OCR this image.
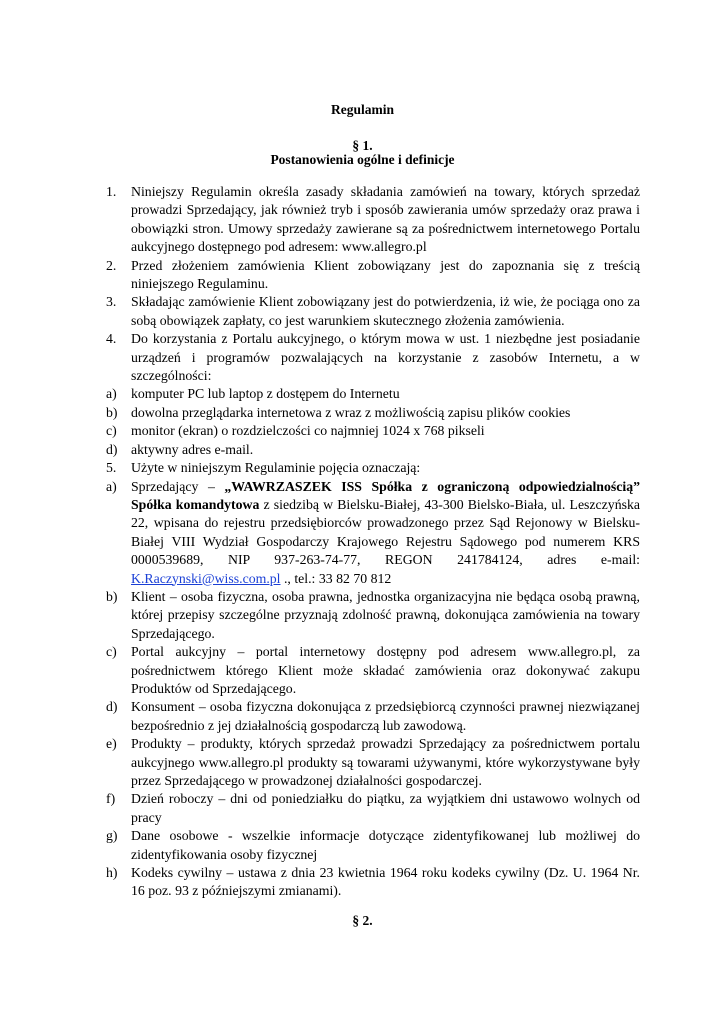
Regulamin
§ 1.
Postanowienia ogólne i definicje
1. Niniejszy Regulamin określa zasady składania zamówień na towary, których sprzedaż prowadzi Sprzedający, jak również tryb i sposób zawierania umów sprzedaży oraz prawa i obowiązki stron. Umowy sprzedaży zawierane są za pośrednictwem internetowego Portalu aukcyjnego dostępnego pod adresem: www.allegro.pl
2. Przed złożeniem zamówienia Klient zobowiązany jest do zapoznania się z treścią niniejszego Regulaminu.
3. Składając zamówienie Klient zobowiązany jest do potwierdzenia, iż wie, że pociąga ono za sobą obowiązek zapłaty, co jest warunkiem skutecznego złożenia zamówienia.
4. Do korzystania z Portalu aukcyjnego, o którym mowa w ust. 1 niezbędne jest posiadanie urządzeń i programów pozwalających na korzystanie z zasobów Internetu, a w szczególności:
a) komputer PC lub laptop z dostępem do Internetu
b) dowolna przeglądarka internetowa z wraz z możliwością zapisu plików cookies
c) monitor (ekran) o rozdzielczości co najmniej 1024 x 768 pikseli
d) aktywny adres e-mail.
5. Użyte w niniejszym Regulaminie pojęcia oznaczają:
a) Sprzedający – „WAWRZASZEK ISS Spółka z ograniczoną odpowiedzialnością” Spółka komandytowa z siedzibą w Bielsku-Białej, 43-300 Bielsko-Biała, ul. Leszczyńska 22, wpisana do rejestru przedsiębiorców prowadzonego przez Sąd Rejonowy w Bielsku-Białej VIII Wydział Gospodarczy Krajowego Rejestru Sądowego pod numerem KRS 0000539689, NIP 937-263-74-77, REGON 241784124, adres e-mail: K.Raczynski@wiss.com.pl ., tel.: 33 82 70 812
b) Klient – osoba fizyczna, osoba prawna, jednostka organizacyjna nie będąca osobą prawną, której przepisy szczególne przyznają zdolność prawną, dokonująca zamówienia na towary Sprzedającego.
c) Portal aukcyjny – portal internetowy dostępny pod adresem www.allegro.pl, za pośrednictwem którego Klient może składać zamówienia oraz dokonywać zakupu Produktów od Sprzedającego.
d) Konsument – osoba fizyczna dokonująca z przedsiębiorcą czynności prawnej niezwiązanej bezpośrednio z jej działalnością gospodarczą lub zawodową.
e) Produkty – produkty, których sprzedaż prowadzi Sprzedający za pośrednictwem portalu aukcyjnego www.allegro.pl produkty są towarami używanymi, które wykorzystywane były przez Sprzedającego w prowadzonej działalności gospodarczej.
f) Dzień roboczy – dni od poniedziałku do piątku, za wyjątkiem dni ustawowo wolnych od pracy
g) Dane osobowe - wszelkie informacje dotyczące zidentyfikowanej lub możliwej do zidentyfikowania osoby fizycznej
h) Kodeks cywilny – ustawa z dnia 23 kwietnia 1964 roku kodeks cywilny (Dz. U. 1964 Nr. 16 poz. 93 z późniejszymi zmianami).
§ 2.
